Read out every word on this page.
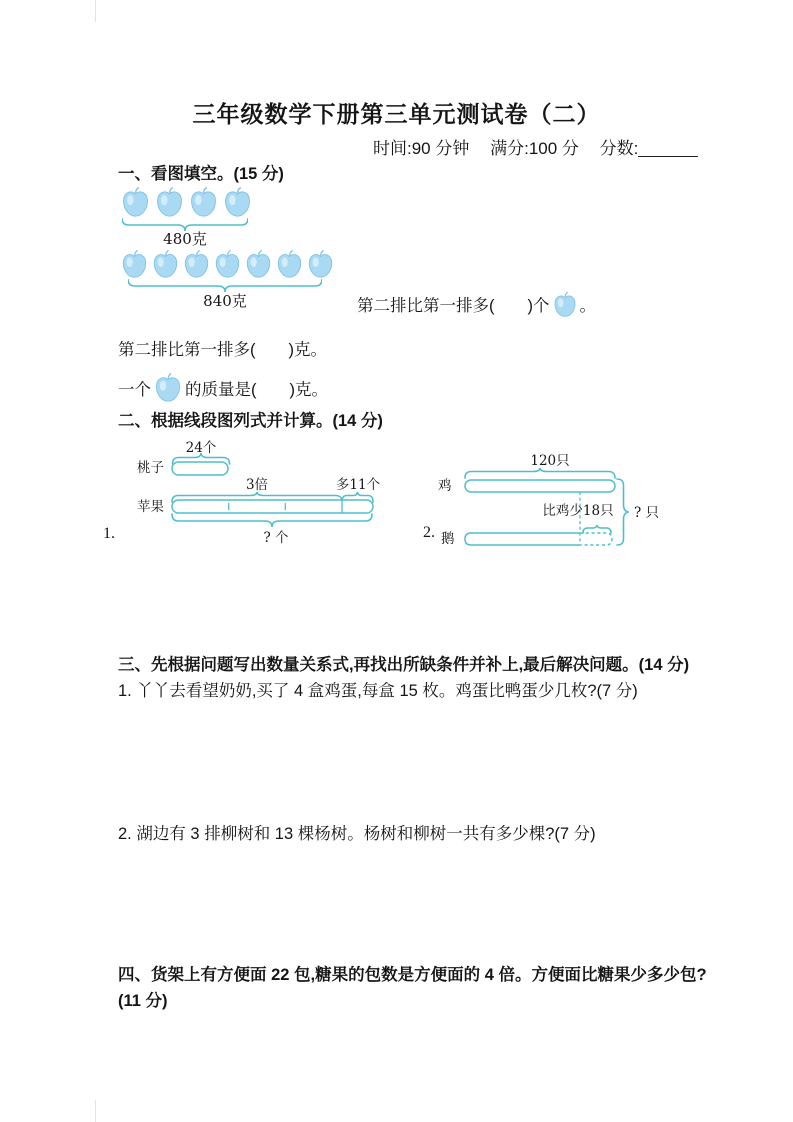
三年级数学下册第三单元测试卷（二）
时间:90 分钟 满分:100 分 分数:
一、看图填空。(15 分)
480克
840克	第二排比第一排多(　　)个 。
第二排比第一排多(　　)克。
一个 的质量是(　　)克。
二、根据线段图列式并计算。(14 分)
24个
桃子
3倍	多11个
苹果
? 个
1.
120只
鸡
比鸡少18只
鹅
? 只
2.
三、先根据问题写出数量关系式,再找出所缺条件并补上,最后解决问题。(14 分)
1. 丫丫去看望奶奶,买了 4 盒鸡蛋,每盒 15 枚。鸡蛋比鸭蛋少几枚?(7 分)
2. 湖边有 3 排柳树和 13 棵杨树。杨树和柳树一共有多少棵?(7 分)
四、货架上有方便面 22 包,糖果的包数是方便面的 4 倍。方便面比糖果少多少包?(11 分)
